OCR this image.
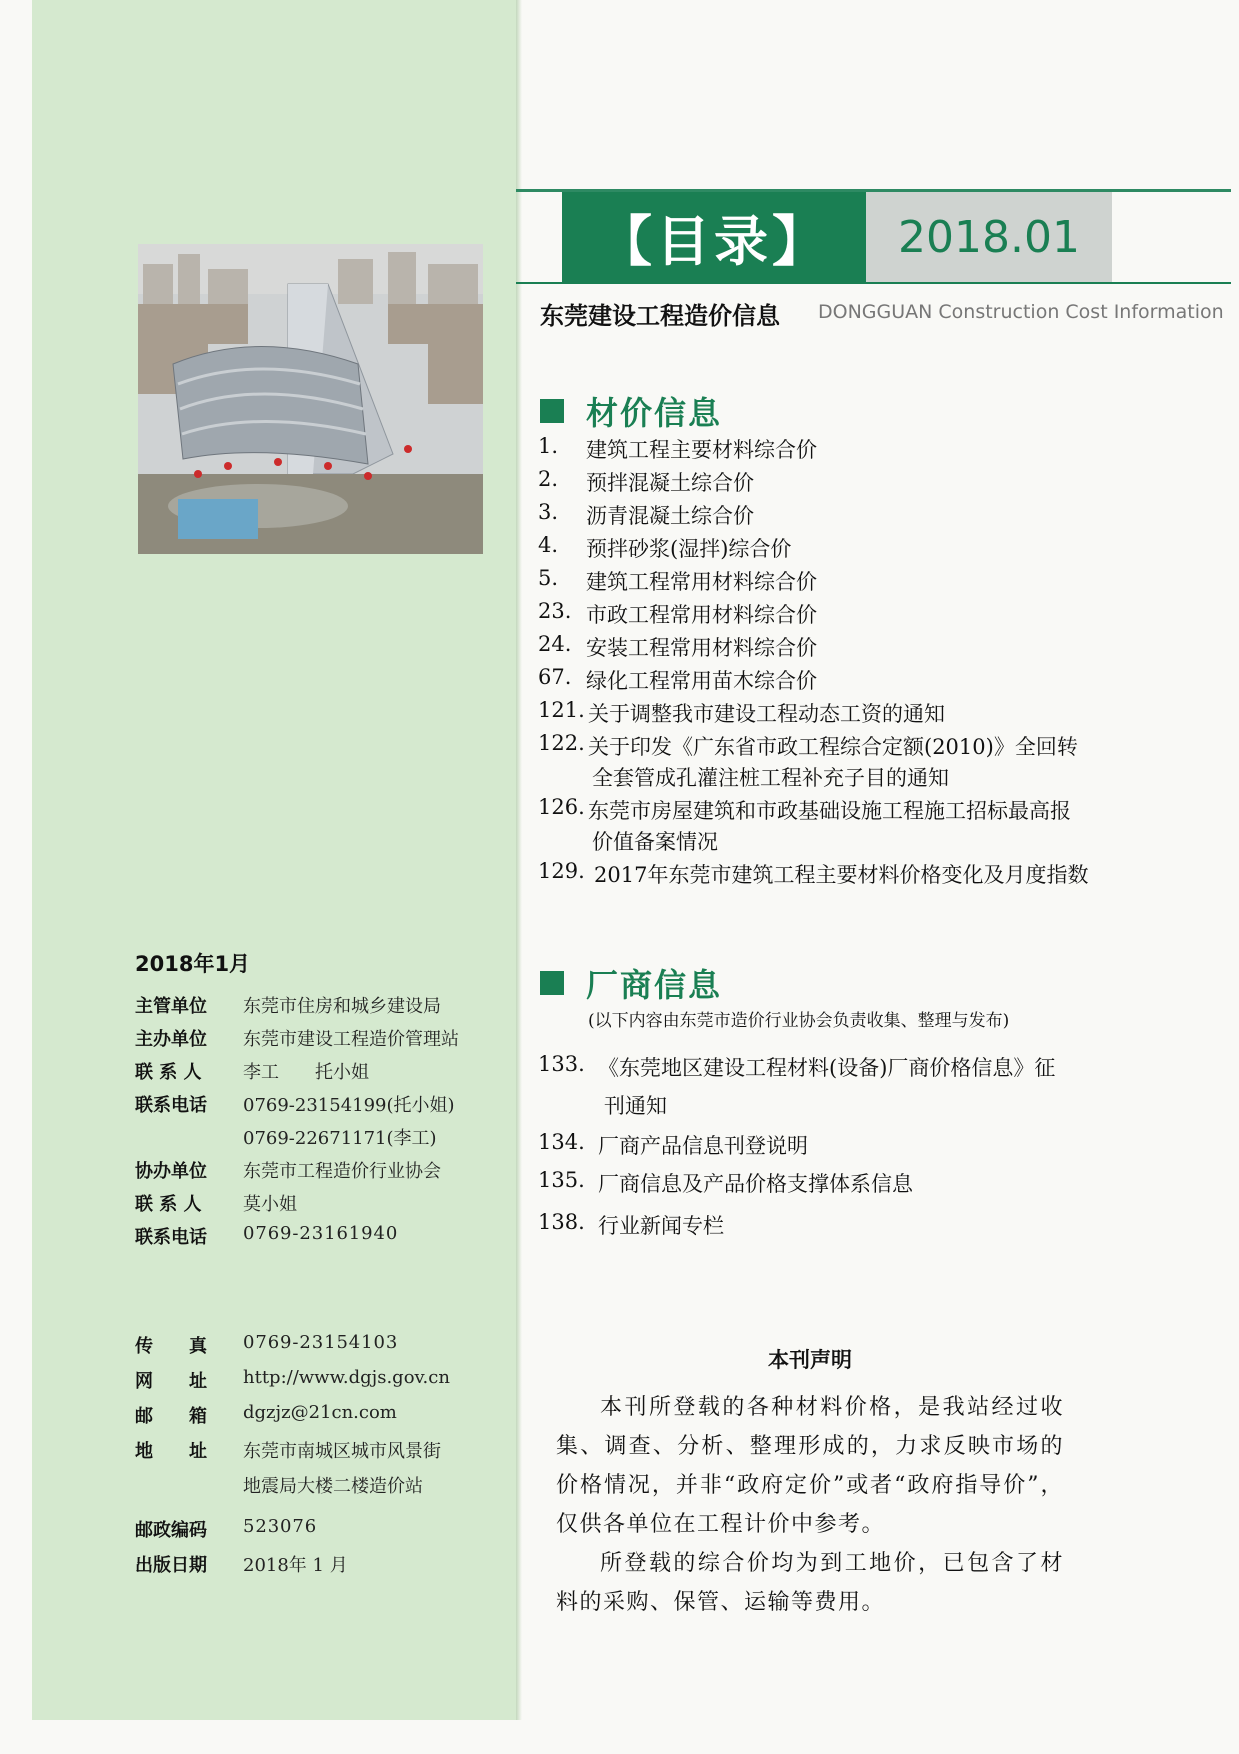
2018年1月
主管单位	东莞市住房和城乡建设局
主办单位	东莞市建设工程造价管理站
联 系 人	李工　　托小姐
联系电话	0769-23154199(托小姐)
0769-22671171(李工)
协办单位	东莞市工程造价行业协会
联 系 人	莫小姐
联系电话	0769-23161940
传　　真	0769-23154103
网　　址	http://www.dgjs.gov.cn
邮　　箱	dgzjz@21cn.com
地　　址	东莞市南城区城市风景街
地震局大楼二楼造价站
邮政编码	523076
出版日期	2018年 1 月
【目录】	2018.01
东莞建设工程造价信息 DONGGUAN Construction Cost Information
材价信息
1. 建筑工程主要材料综合价
2. 预拌混凝土综合价
3. 沥青混凝土综合价
4. 预拌砂浆(湿拌)综合价
5. 建筑工程常用材料综合价
23. 市政工程常用材料综合价
24. 安装工程常用材料综合价
67. 绿化工程常用苗木综合价
121. 关于调整我市建设工程动态工资的通知
122. 关于印发《广东省市政工程综合定额(2010)》全回转
全套管成孔灌注桩工程补充子目的通知
126. 东莞市房屋建筑和市政基础设施工程施工招标最高报
价值备案情况
129. 2017年东莞市建筑工程主要材料价格变化及月度指数
厂商信息
(以下内容由东莞市造价行业协会负责收集、整理与发布)
133. 《东莞地区建设工程材料(设备)厂商价格信息》征
刊通知
134. 厂商产品信息刊登说明
135. 厂商信息及产品价格支撑体系信息
138. 行业新闻专栏
本刊声明

本刊所登载的各种材料价格，是我站经过收集、调查、分析、整理形成的，力求反映市场的价格情况，并非“政府定价”或者“政府指导价”，仅供各单位在工程计价中参考。

所登载的综合价均为到工地价，已包含了材料的采购、保管、运输等费用。
